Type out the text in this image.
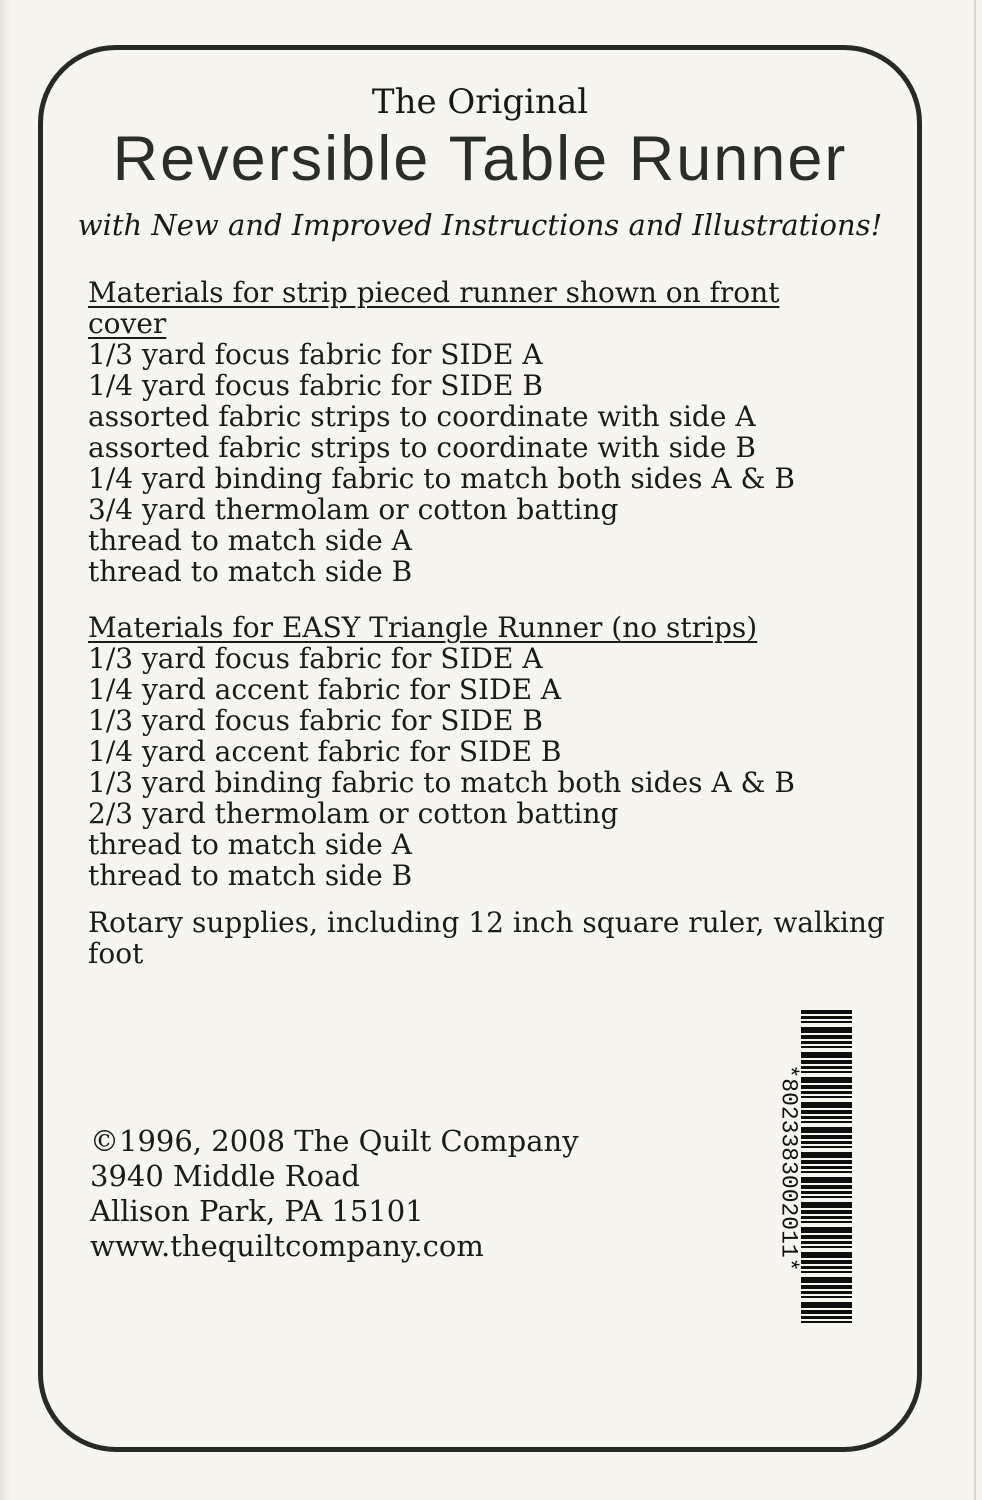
The Original
Reversible Table Runner
with New and Improved Instructions and Illustrations!
Materials for strip pieced runner shown on front cover
1/3 yard focus fabric for SIDE A
1/4 yard focus fabric for SIDE B
assorted fabric strips to coordinate with side A
assorted fabric strips to coordinate with side B
1/4 yard binding fabric to match both sides A & B
3/4 yard thermolam or cotton batting
thread to match side A
thread to match side B
Materials for EASY Triangle Runner (no strips)
1/3 yard focus fabric for SIDE A
1/4 yard accent fabric for SIDE A
1/3 yard focus fabric for SIDE B
1/4 yard accent fabric for SIDE B
1/3 yard binding fabric to match both sides A & B
2/3 yard thermolam or cotton batting
thread to match side A
thread to match side B
Rotary supplies, including 12 inch square ruler, walking foot
©1996, 2008 The Quilt Company
3940 Middle Road
Allison Park, PA 15101
www.thequiltcompany.com	*8023383002011*
